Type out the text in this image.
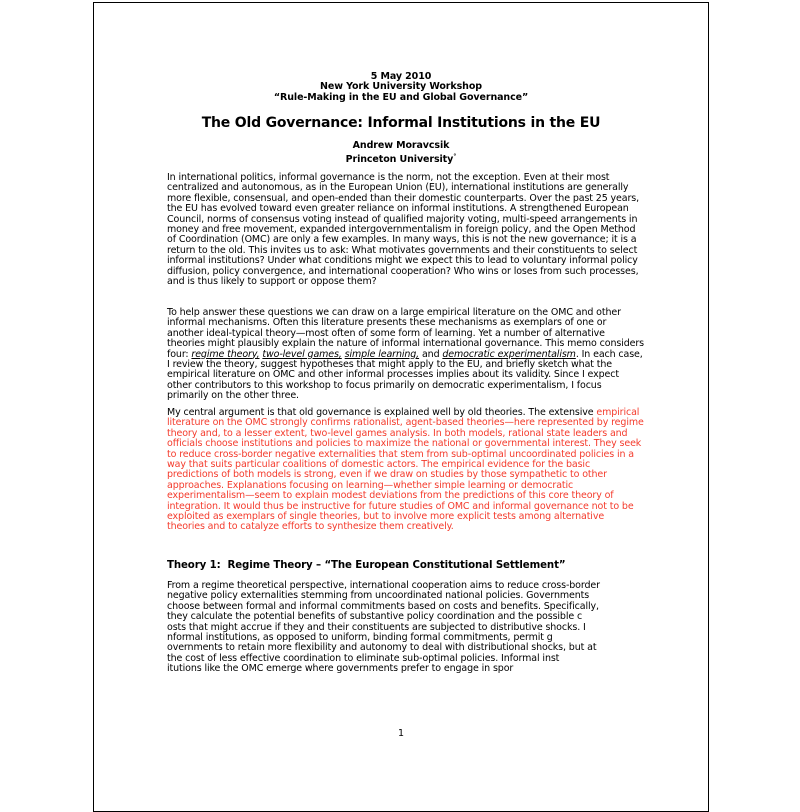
5 May 2010
New York University Workshop
“Rule-Making in the EU and Global Governance”
The Old Governance: Informal Institutions in the EU
Andrew Moravcsik
Princeton University°

In international politics, informal governance is the norm, not the exception. Even at their most centralized and autonomous, as in the European Union (EU), international institutions are generally more flexible, consensual, and open-ended than their domestic counterparts. Over the past 25 years, the EU has evolved toward even greater reliance on informal institutions. A strengthened European Council, norms of consensus voting instead of qualified majority voting, multi-speed arrangements in money and free movement, expanded intergovernmentalism in foreign policy, and the Open Method of Coordination (OMC) are only a few examples. In many ways, this is not the new governance; it is a return to the old. This invites us to ask: What motivates governments and their constituents to select informal institutions? Under what conditions might we expect this to lead to voluntary informal policy diffusion, policy convergence, and international cooperation? Who wins or loses from such processes, and is thus likely to support or oppose them?

To help answer these questions we can draw on a large empirical literature on the OMC and other informal mechanisms. Often this literature presents these mechanisms as exemplars of one or another ideal-typical theory—most often of some form of learning. Yet a number of alternative theories might plausibly explain the nature of informal international governance. This memo considers four: regime theory, two-level games, simple learning, and democratic experimentalism. In each case, I review the theory, suggest hypotheses that might apply to the EU, and briefly sketch what the empirical literature on OMC and other informal processes implies about its validity. Since I expect other contributors to this workshop to focus primarily on democratic experimentalism, I focus primarily on the other three.

My central argument is that old governance is explained well by old theories. The extensive empirical literature on the OMC strongly confirms rationalist, agent-based theories—here represented by regime theory and, to a lesser extent, two-level games analysis. In both models, rational state leaders and officials choose institutions and policies to maximize the national or governmental interest. They seek to reduce cross-border negative externalities that stem from sub-optimal uncoordinated policies in a way that suits particular coalitions of domestic actors. The empirical evidence for the basic predictions of both models is strong, even if we draw on studies by those sympathetic to other approaches. Explanations focusing on learning—whether simple learning or democratic experimentalism—seem to explain modest deviations from the predictions of this core theory of integration. It would thus be instructive for future studies of OMC and informal governance not to be exploited as exemplars of single theories, but to involve more explicit tests among alternative theories and to catalyze efforts to synthesize them creatively.

Theory 1:  Regime Theory – “The European Constitutional Settlement”
From a regime theoretical perspective, international cooperation aims to reduce cross-border
negative policy externalities stemming from uncoordinated national policies. Governments
choose between formal and informal commitments based on costs and benefits. Specifically,
they calculate the potential benefits of substantive policy coordination and the possible c
osts that might accrue if they and their constituents are subjected to distributive shocks. I
nformal institutions, as opposed to uniform, binding formal commitments, permit g
overnments to retain more flexibility and autonomy to deal with distributional shocks, but at
the cost of less effective coordination to eliminate sub-optimal policies. Informal inst
itutions like the OMC emerge where governments prefer to engage in spor
1
